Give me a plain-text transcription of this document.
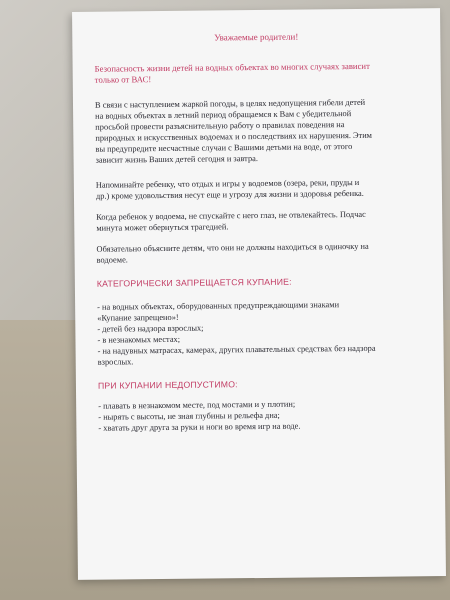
Уважаемые родители!

Безопасность жизни детей на водных объектах во многих случаях зависит

только от ВАС!

В связи с наступлением жаркой погоды, в целях недопущения гибели детей

на водных объектах в летний период обращаемся к Вам с убедительной

просьбой провести разъяснительную работу о правилах поведения на

природных и искусственных водоемах и о последствиях их нарушения. Этим

вы предупредите несчастные случаи с Вашими детьми на воде, от этого

зависит жизнь Ваших детей сегодня и завтра.

Напоминайте ребенку, что отдых и игры у водоемов (озера, реки, пруды и

др.) кроме удовольствия несут еще и угрозу для жизни и здоровья ребенка.

Когда ребенок у водоема, не спускайте с него глаз, не отвлекайтесь. Подчас

минута может обернуться трагедией.

Обязательно объясните детям, что они не должны находиться в одиночку на

водоеме.

КАТЕГОРИЧЕСКИ ЗАПРЕЩАЕТСЯ КУПАНИЕ:

- на водных объектах, оборудованных предупреждающими знаками

«Купание запрещено»!

- детей без надзора взрослых;

- в незнакомых местах;

- на надувных матрасах, камерах, других плавательных средствах без надзора

взрослых.

ПРИ КУПАНИИ НЕДОПУСТИМО:

- плавать в незнакомом месте, под мостами и у плотин;

- нырять с высоты, не зная глубины и рельефа дна;

- хватать друг друга за руки и ноги во время игр на воде.
